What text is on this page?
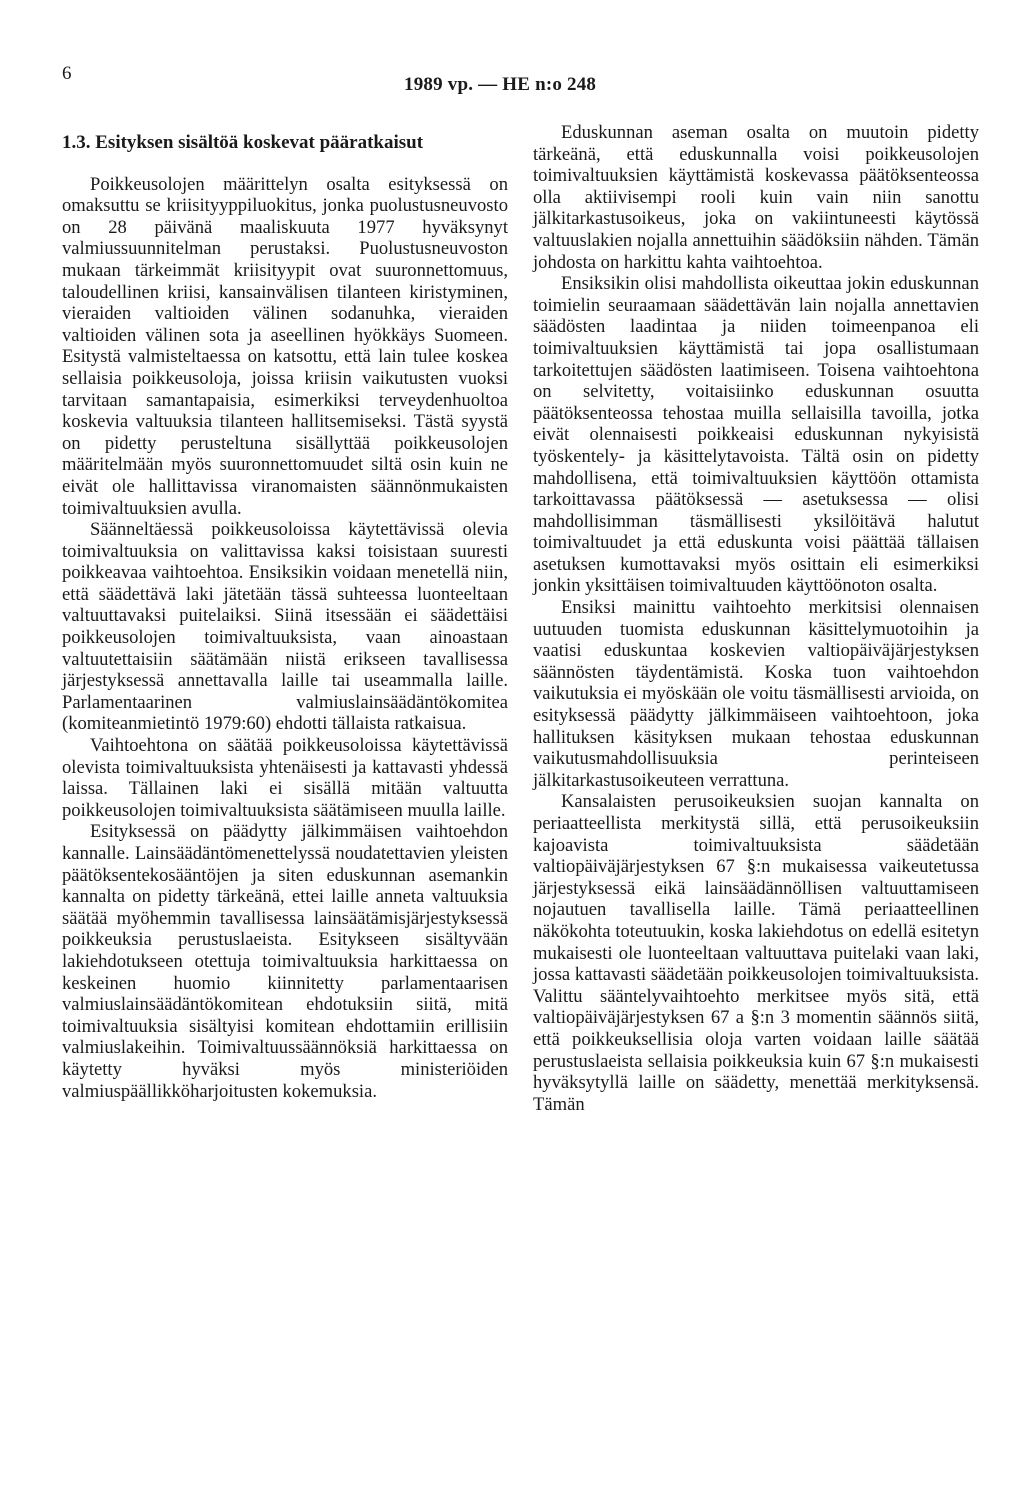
6
1989 vp. — HE n:o 248
1.3. Esityksen sisältöä koskevat pääratkaisut

Poikkeusolojen määrittelyn osalta esityksessä on omaksuttu se kriisityyppiluokitus, jonka puolustusneuvosto on 28 päivänä maaliskuuta 1977 hyväksynyt valmiussuunnitelman perustaksi. Puolustusneuvoston mukaan tärkeimmät kriisityypit ovat suuronnettomuus, taloudellinen kriisi, kansainvälisen tilanteen kiristyminen, vieraiden valtioiden välinen sodanuhka, vieraiden valtioiden välinen sota ja aseellinen hyökkäys Suomeen. Esitystä valmisteltaessa on katsottu, että lain tulee koskea sellaisia poikkeusoloja, joissa kriisin vaikutusten vuoksi tarvitaan samantapaisia, esimerkiksi terveydenhuoltoa koskevia valtuuksia tilanteen hallitsemiseksi. Tästä syystä on pidetty perusteltuna sisällyttää poikkeusolojen määritelmään myös suuronnettomuudet siltä osin kuin ne eivät ole hallittavissa viranomaisten säännönmukaisten toimivaltuuksien avulla.

Säänneltäessä poikkeusoloissa käytettävissä olevia toimivaltuuksia on valittavissa kaksi toisistaan suuresti poikkeavaa vaihtoehtoa. Ensiksikin voidaan menetellä niin, että säädettävä laki jätetään tässä suhteessa luonteeltaan valtuuttavaksi puitelaiksi. Siinä itsessään ei säädettäisi poikkeusolojen toimivaltuuksista, vaan ainoastaan valtuutettaisiin säätämään niistä erikseen tavallisessa järjestyksessä annettavalla laille tai useammalla laille. Parlamentaarinen valmiuslainsäädäntökomitea (komiteanmietintö 1979:60) ehdotti tällaista ratkaisua.

Vaihtoehtona on säätää poikkeusoloissa käytettävissä olevista toimivaltuuksista yhtenäisesti ja kattavasti yhdessä laissa. Tällainen laki ei sisällä mitään valtuutta poikkeusolojen toimivaltuuksista säätämiseen muulla laille.

Esityksessä on päädytty jälkimmäisen vaihtoehdon kannalle. Lainsäädäntömenettelyssä noudatettavien yleisten päätöksentekosääntöjen ja siten eduskunnan asemankin kannalta on pidetty tärkeänä, ettei laille anneta valtuuksia säätää myöhemmin tavallisessa lainsäätämisjärjestyksessä poikkeuksia perustuslaeista. Esitykseen sisältyvään lakiehdotukseen otettuja toimivaltuuksia harkittaessa on keskeinen huomio kiinnitetty parlamentaarisen valmiuslainsäädäntökomitean ehdotuksiin siitä, mitä toimivaltuuksia sisältyisi komitean ehdottamiin erillisiin valmiuslakeihin. Toimivaltuussäännöksiä harkittaessa on käytetty hyväksi myös ministeriöiden valmiuspäällikköharjoitusten kokemuksia.

Eduskunnan aseman osalta on muutoin pidetty tärkeänä, että eduskunnalla voisi poikkeusolojen toimivaltuuksien käyttämistä koskevassa päätöksenteossa olla aktiivisempi rooli kuin vain niin sanottu jälkitarkastusoikeus, joka on vakiintuneesti käytössä valtuuslakien nojalla annettuihin säädöksiin nähden. Tämän johdosta on harkittu kahta vaihtoehtoa.

Ensiksikin olisi mahdollista oikeuttaa jokin eduskunnan toimielin seuraamaan säädettävän lain nojalla annettavien säädösten laadintaa ja niiden toimeenpanoa eli toimivaltuuksien käyttämistä tai jopa osallistumaan tarkoitettujen säädösten laatimiseen. Toisena vaihtoehtona on selvitetty, voitaisiinko eduskunnan osuutta päätöksenteossa tehostaa muilla sellaisilla tavoilla, jotka eivät olennaisesti poikkeaisi eduskunnan nykyisistä työskentely- ja käsittelytavoista. Tältä osin on pidetty mahdollisena, että toimivaltuuksien käyttöön ottamista tarkoittavassa päätöksessä — asetuksessa — olisi mahdollisimman täsmällisesti yksilöitävä halutut toimivaltuudet ja että eduskunta voisi päättää tällaisen asetuksen kumottavaksi myös osittain eli esimerkiksi jonkin yksittäisen toimivaltuuden käyttöönoton osalta.

Ensiksi mainittu vaihtoehto merkitsisi olennaisen uutuuden tuomista eduskunnan käsittelymuotoihin ja vaatisi eduskuntaa koskevien valtiopäiväjärjestyksen säännösten täydentämistä. Koska tuon vaihtoehdon vaikutuksia ei myöskään ole voitu täsmällisesti arvioida, on esityksessä päädytty jälkimmäiseen vaihtoehtoon, joka hallituksen käsityksen mukaan tehostaa eduskunnan vaikutusmahdollisuuksia perinteiseen jälkitarkastusoikeuteen verrattuna.

Kansalaisten perusoikeuksien suojan kannalta on periaatteellista merkitystä sillä, että perusoikeuksiin kajoavista toimivaltuuksista säädetään valtiopäiväjärjestyksen 67 §:n mukaisessa vaikeutetussa järjestyksessä eikä lainsäädännöllisen valtuuttamiseen nojautuen tavallisella laille. Tämä periaatteellinen näkökohta toteutuukin, koska lakiehdotus on edellä esitetyn mukaisesti ole luonteeltaan valtuuttava puitelaki vaan laki, jossa kattavasti säädetään poikkeusolojen toimivaltuuksista. Valittu sääntelyvaihtoehto merkitsee myös sitä, että valtiopäiväjärjestyksen 67 a §:n 3 momentin säännös siitä, että poikkeuksellisia oloja varten voidaan laille säätää perustuslaeista sellaisia poikkeuksia kuin 67 §:n mukaisesti hyväksytyllä laille on säädetty, menettää merkityksensä. Tämän
